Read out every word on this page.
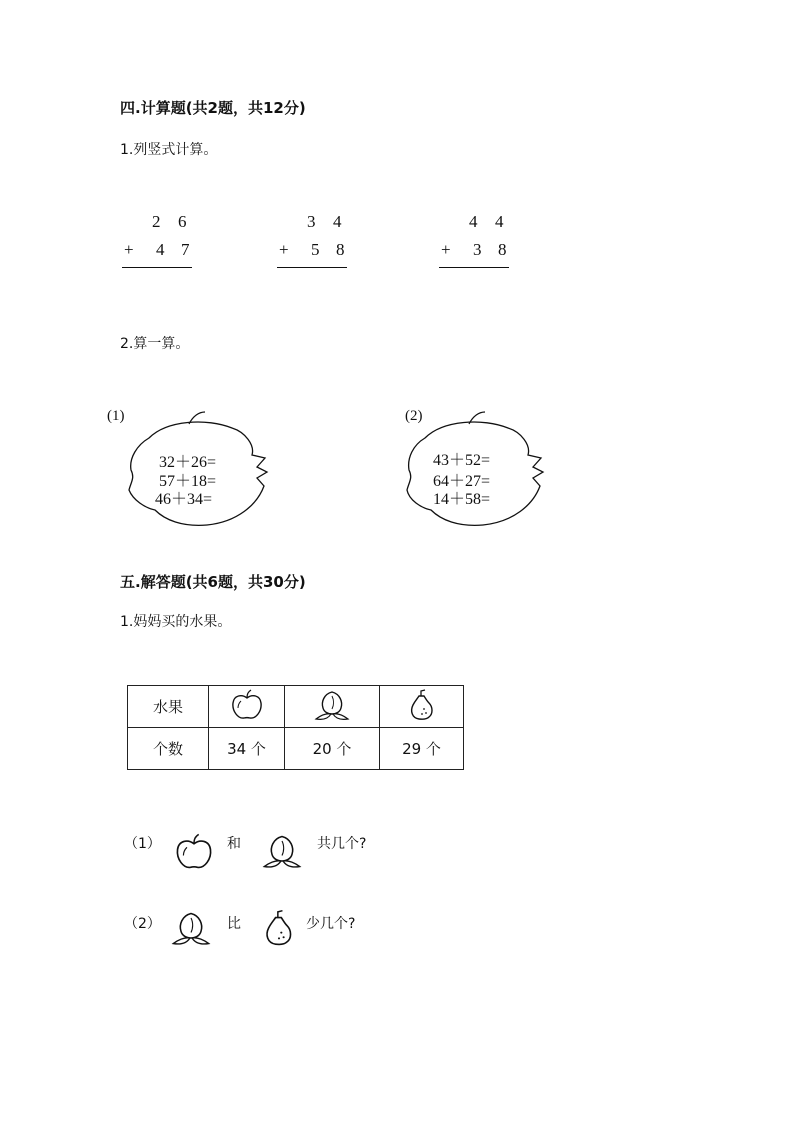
四.计算题(共2题，共12分)
1.列竖式计算。
2 6
+ 4 7
3 4
+ 5 8
4 4
+ 3 8
2.算一算。
(1)
32＋26=
57＋18=
46＋34=
(2)
43＋52=
64＋27=
14＋58=
五.解答题(共6题，共30分)
1.妈妈买的水果。
水果			
个数	34 个	20 个	29 个
（1）	和	共几个?
（2）	比	少几个?
